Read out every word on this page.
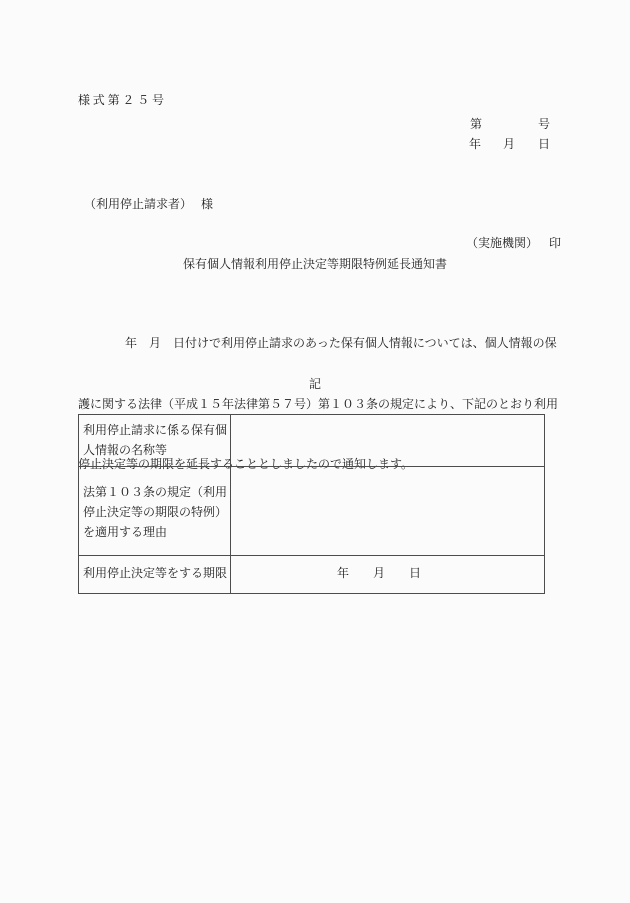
様式第２５号
第	号
年 月 日

（利用停止請求者） 様

（実施機関） 印

保有個人情報利用停止決定等期限特例延長通知書

年　月　日付けで利用停止請求のあった保有個人情報については、個人情報の保

護に関する法律（平成１５年法律第５７号）第１０３条の規定により、下記のとおり利用

停止決定等の期限を延長することとしましたので通知します。

記
利用停止請求に係る保有個人情報の名称等	
法第１０３条の規定（利用停止決定等の期限の特例）を適用する理由	
利用停止決定等をする期限	年 月 日
